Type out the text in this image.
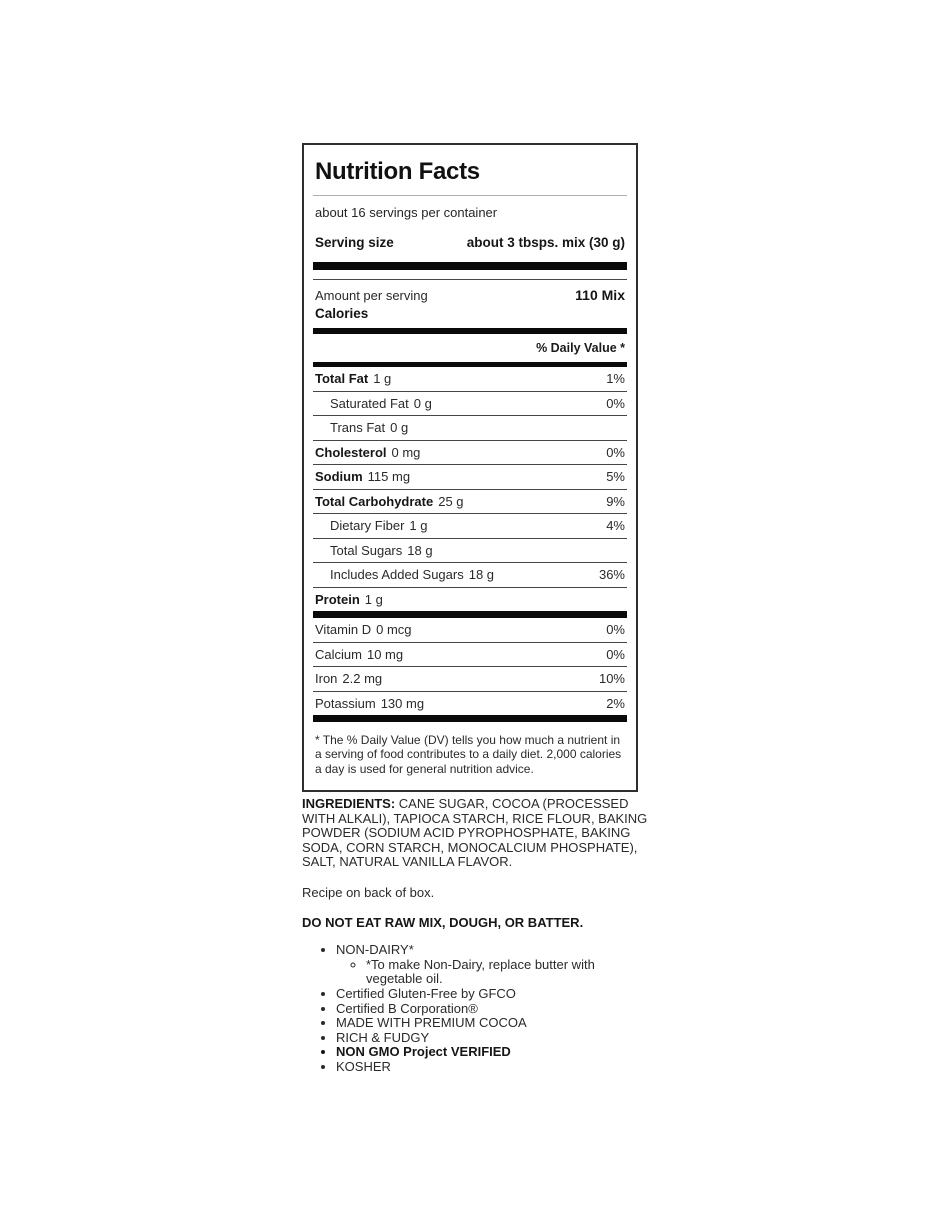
Nutrition Facts
about 16 servings per container
Serving size	about 3 tbsps. mix (30 g)
Amount per serving	110 Mix
Calories
% Daily Value *
Total Fat 1 g	1%
Saturated Fat 0 g	0%
Trans Fat 0 g
Cholesterol 0 mg	0%
Sodium 115 mg	5%
Total Carbohydrate 25 g	9%
Dietary Fiber 1 g	4%
Total Sugars 18 g
Includes Added Sugars 18 g	36%
Protein 1 g
Vitamin D 0 mcg	0%
Calcium 10 mg	0%
Iron 2.2 mg	10%
Potassium 130 mg	2%
* The % Daily Value (DV) tells you how much a nutrient in a serving of food contributes to a daily diet. 2,000 calories a day is used for general nutrition advice.

INGREDIENTS: CANE SUGAR, COCOA (PROCESSED WITH ALKALI), TAPIOCA STARCH, RICE FLOUR, BAKING POWDER (SODIUM ACID PYROPHOSPHATE, BAKING SODA, CORN STARCH, MONOCALCIUM PHOSPHATE), SALT, NATURAL VANILLA FLAVOR.

Recipe on back of box.

DO NOT EAT RAW MIX, DOUGH, OR BATTER.

• NON-DAIRY*
◦ *To make Non-Dairy, replace butter with vegetable oil.
• Certified Gluten-Free by GFCO
• Certified B Corporation®
• MADE WITH PREMIUM COCOA
• RICH & FUDGY
• NON GMO Project VERIFIED
• KOSHER
